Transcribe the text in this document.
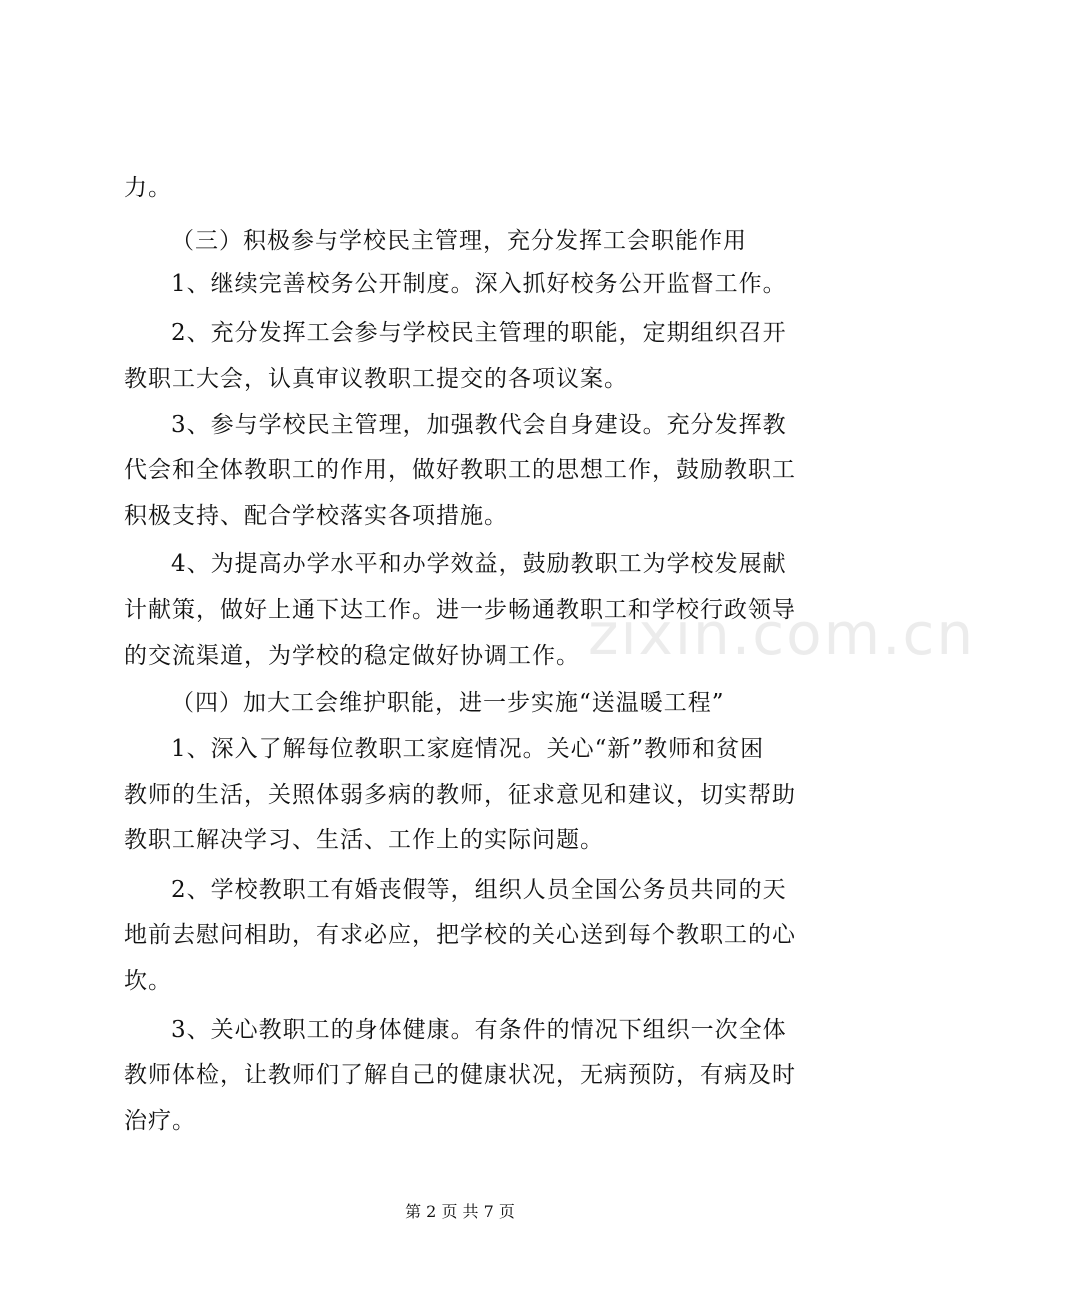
力。
（三）积极参与学校民主管理，充分发挥工会职能作用
1、继续完善校务公开制度。深入抓好校务公开监督工作。
2、充分发挥工会参与学校民主管理的职能，定期组织召开
教职工大会，认真审议教职工提交的各项议案。
3、参与学校民主管理，加强教代会自身建设。充分发挥教
代会和全体教职工的作用，做好教职工的思想工作，鼓励教职工
积极支持、配合学校落实各项措施。
4、为提高办学水平和办学效益，鼓励教职工为学校发展献
计献策，做好上通下达工作。进一步畅通教职工和学校行政领导
的交流渠道，为学校的稳定做好协调工作。
（四）加大工会维护职能，进一步实施“送温暖工程”
1、深入了解每位教职工家庭情况。关心“新”教师和贫困
教师的生活，关照体弱多病的教师，征求意见和建议，切实帮助
教职工解决学习、生活、工作上的实际问题。
2、学校教职工有婚丧假等，组织人员全国公务员共同的天
地前去慰问相助，有求必应，把学校的关心送到每个教职工的心
坎。
3、关心教职工的身体健康。有条件的情况下组织一次全体
教师体检，让教师们了解自己的健康状况，无病预防，有病及时
治疗。
zixin.com.cn
第 2 页 共 7 页
